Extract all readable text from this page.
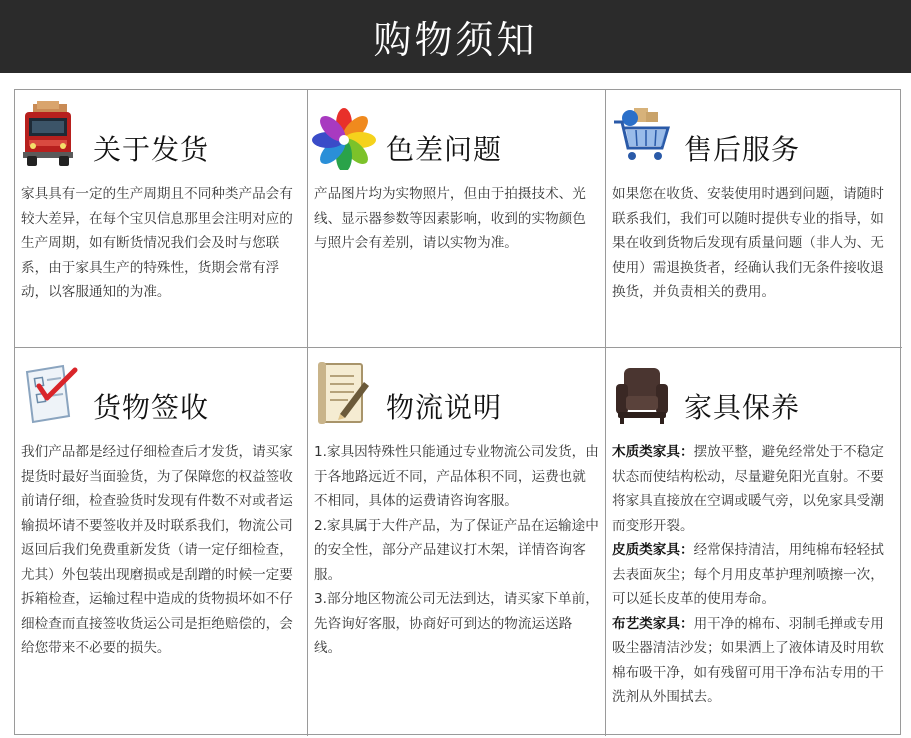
购物须知
关于发货

家具具有一定的生产周期且不同种类产品会有较大差异，在每个宝贝信息那里会注明对应的生产周期，如有断货情况我们会及时与您联系，由于家具生产的特殊性，货期会常有浮动，以客服通知的为准。

色差问题

产品图片均为实物照片，但由于拍摄技术、光线、显示器参数等因素影响，收到的实物颜色与照片会有差别，请以实物为准。

售后服务

如果您在收货、安装使用时遇到问题，请随时联系我们，我们可以随时提供专业的指导，如果在收到货物后发现有质量问题（非人为、无使用）需退换货者，经确认我们无条件接收退换货，并负责相关的费用。

货物签收

我们产品都是经过仔细检查后才发货，请买家提货时最好当面验货，为了保障您的权益签收前请仔细，检查验货时发现有件数不对或者运输损坏请不要签收并及时联系我们，物流公司返回后我们免费重新发货（请一定仔细检查，尤其）外包装出现磨损或是刮蹭的时候一定要拆箱检查，运输过程中造成的货物损坏如不仔细检查而直接签收货运公司是拒绝赔偿的，会给您带来不必要的损失。

物流说明

1.家具因特殊性只能通过专业物流公司发货，由于各地路远近不同，产品体积不同，运费也就不相同，具体的运费请咨询客服。

2.家具属于大件产品，为了保证产品在运输途中的安全性，部分产品建议打木架，详情咨询客服。

3.部分地区物流公司无法到达，请买家下单前，先咨询好客服，协商好可到达的物流运送路线。

家具保养

木质类家具：摆放平整，避免经常处于不稳定状态而使结构松动，尽量避免阳光直射。不要将家具直接放在空调或暖气旁，以免家具受潮而变形开裂。

皮质类家具：经常保持清洁，用纯棉布轻轻拭去表面灰尘；每个月用皮革护理剂喷擦一次，可以延长皮革的使用寿命。

布艺类家具：用干净的棉布、羽制毛掸或专用吸尘器清洁沙发；如果洒上了液体请及时用软棉布吸干净，如有残留可用干净布沾专用的干洗剂从外围拭去。
